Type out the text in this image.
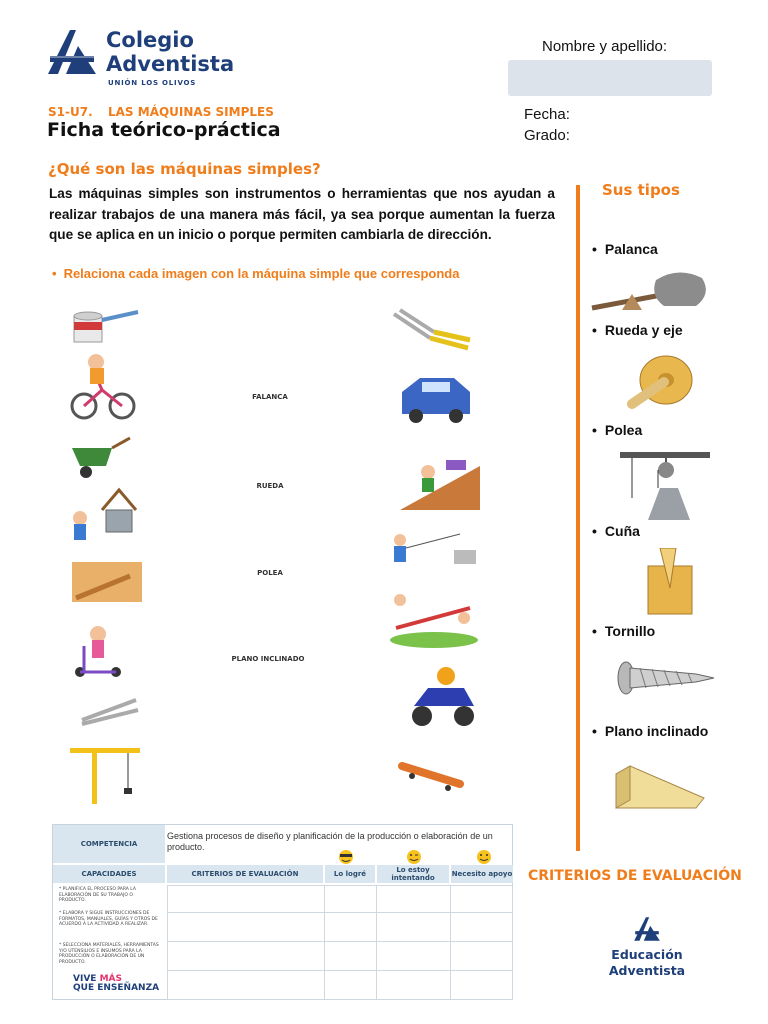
Colegio
Adventista
UNIÓN LOS OLIVOS
Nombre y apellido:
Fecha:
Grado:
S1-U7. LAS MÁQUINAS SIMPLES
Ficha teórico-práctica
¿Qué son las máquinas simples?
Las máquinas simples son instrumentos o herramientas que nos ayudan a realizar trabajos de una manera más fácil, ya sea porque aumentan la fuerza que se aplica en un inicio o porque permiten cambiarla de dirección.
• Relaciona cada imagen con la máquina simple que corresponda
FALANCA
RUEDA
POLEA
PLANO INCLINADO
Sus tipos
• Palanca
• Rueda y eje
• Polea
• Cuña
• Tornillo
• Plano inclinado
COMPETENCIA
Gestiona procesos de diseño y planificación de la producción o elaboración de un producto.
CAPACIDADES	CRITERIOS DE EVALUACIÓN	Lo logré	Lo estoy intentando	Necesito apoyo
* PLANIFICA EL PROCESO PARA LA ELABORACIÓN DE SU TRABAJO O PRODUCTO.
* ELABORA Y SIGUE INSTRUCCIONES DE FORMATOS, MANUALES, GUÍAS Y OTROS DE ACUERDO A LA ACTIVIDAD A REALIZAR.
* SELECCIONA MATERIALES, HERRAMIENTAS Y/O UTENSILIOS E INSUMOS PARA LA PRODUCCIÓN O ELABORACIÓN DE UN PRODUCTO.
VIVE MÁS
QUE ENSEÑANZA
CRITERIOS DE EVALUACIÓN
Educación
Adventista
